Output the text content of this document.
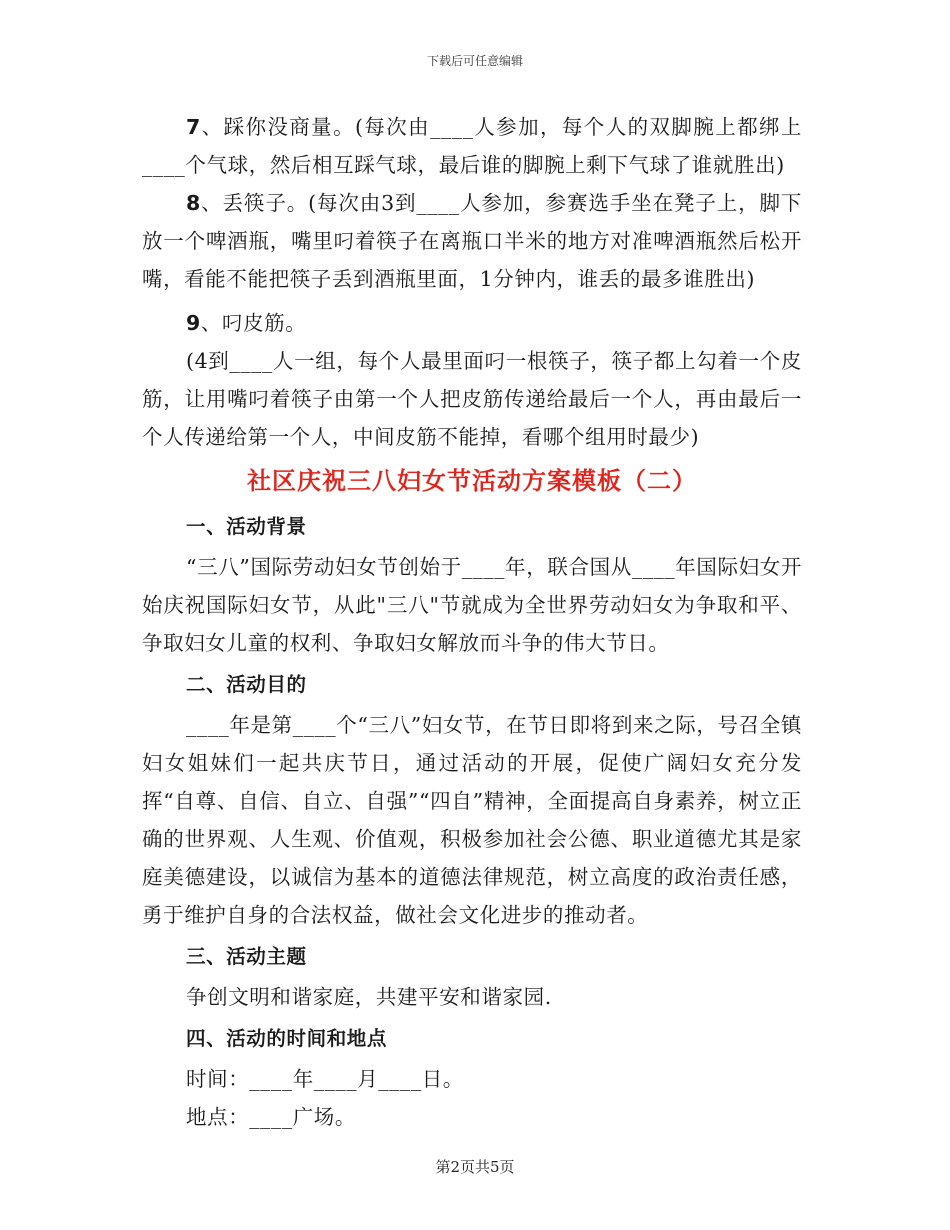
下载后可任意编辑

7、踩你没商量。(每次由____人参加，每个人的双脚腕上都绑上____个气球，然后相互踩气球，最后谁的脚腕上剩下气球了谁就胜出)

8、丢筷子。(每次由3到____人参加，参赛选手坐在凳子上，脚下放一个啤酒瓶，嘴里叼着筷子在离瓶口半米的地方对准啤酒瓶然后松开嘴，看能不能把筷子丢到酒瓶里面，1分钟内，谁丢的最多谁胜出)

9、叼皮筋。

(4到____人一组，每个人最里面叼一根筷子，筷子都上勾着一个皮筋，让用嘴叼着筷子由第一个人把皮筋传递给最后一个人，再由最后一个人传递给第一个人，中间皮筋不能掉，看哪个组用时最少)

社区庆祝三八妇女节活动方案模板（二）

一、活动背景

“三八”国际劳动妇女节创始于____年，联合国从____年国际妇女开始庆祝国际妇女节，从此"三八"节就成为全世界劳动妇女为争取和平、争取妇女儿童的权利、争取妇女解放而斗争的伟大节日。

二、活动目的

____年是第____个“三八”妇女节，在节日即将到来之际，号召全镇妇女姐妹们一起共庆节日，通过活动的开展，促使广阔妇女充分发挥“自尊、自信、自立、自强”“四自”精神，全面提高自身素养，树立正确的世界观、人生观、价值观，积极参加社会公德、职业道德尤其是家庭美德建设，以诚信为基本的道德法律规范，树立高度的政治责任感，勇于维护自身的合法权益，做社会文化进步的推动者。

三、活动主题

争创文明和谐家庭，共建平安和谐家园.

四、活动的时间和地点

时间：____年____月____日。

地点：____广场。

第2页共5页
